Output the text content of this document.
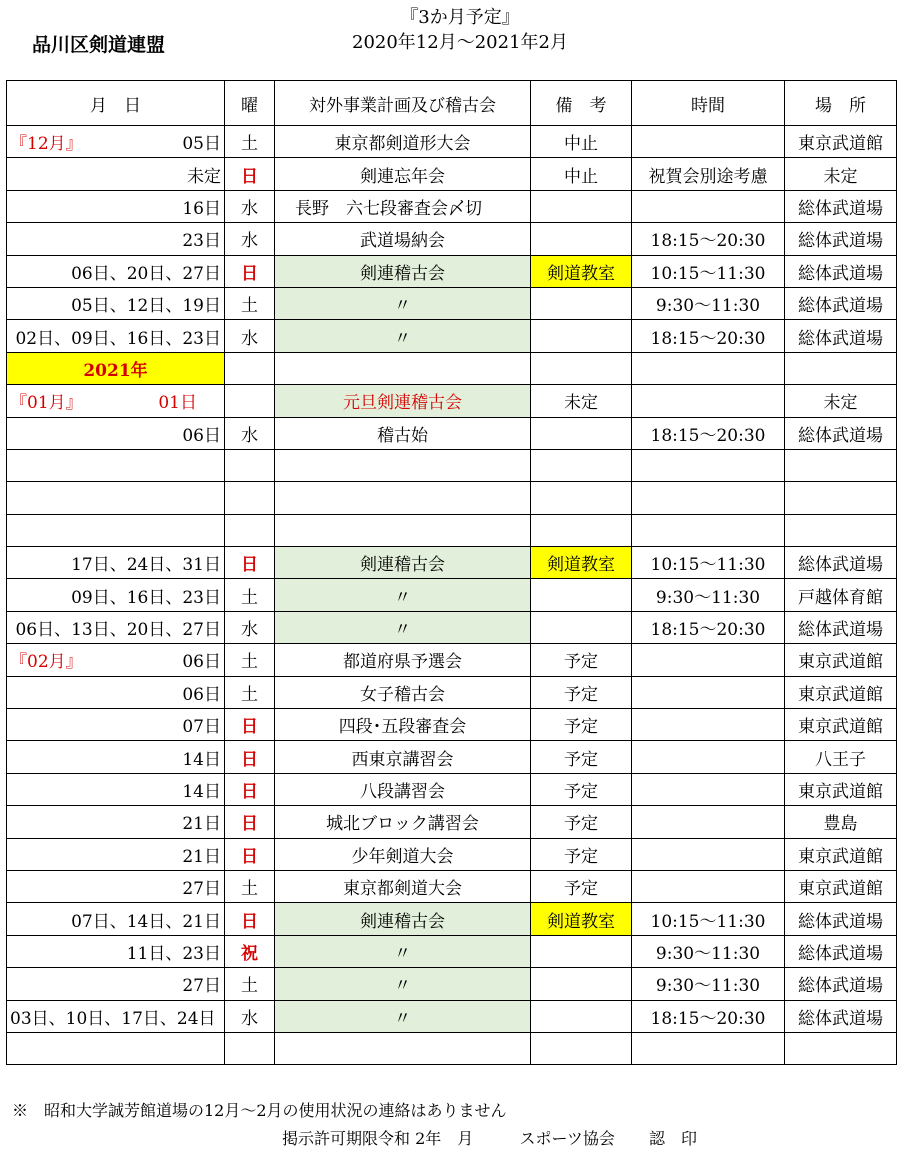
品川区剣道連盟
『3か月予定』
2020年12月～2021年2月
月　日	曜	対外事業計画及び稽古会	備　考	時間	場　所

『12月』 05日	土	東京都剣道形大会	中止		東京武道館
未定	日	剣連忘年会	中止	祝賀会別途考慮	未定
16日	水	長野　六七段審査会〆切			総体武道場
23日	水	武道場納会		18:15～20:30	総体武道場
06日、20日、27日	日	剣連稽古会	剣道教室	10:15～11:30	総体武道場
05日、12日、19日	土	〃		9:30～11:30	総体武道場
02日、09日、16日、23日	水	〃		18:15～20:30	総体武道場
2021年					

『01月』 01日		元旦剣連稽古会	未定		未定
06日	水	稽古始		18:15～20:30	総体武道場

17日、24日、31日	日	剣連稽古会	剣道教室	10:15～11:30	総体武道場
09日、16日、23日	土	〃		9:30～11:30	戸越体育館
06日、13日、20日、27日	水	〃		18:15～20:30	総体武道場

『02月』 06日	土	都道府県予選会	予定		東京武道館
06日	土	女子稽古会	予定		東京武道館
07日	日	四段･五段審査会	予定		東京武道館
14日	日	西東京講習会	予定		八王子
14日	日	八段講習会	予定		東京武道館
21日	日	城北ブロック講習会	予定		豊島
21日	日	少年剣道大会	予定		東京武道館
27日	土	東京都剣道大会	予定		東京武道館
07日、14日、21日	日	剣連稽古会	剣道教室	10:15～11:30	総体武道場
11日、23日	祝	〃		9:30～11:30	総体武道場
27日	土	〃		9:30～11:30	総体武道場
03日、10日、17日、24日	水	〃		18:15～20:30	総体武道場

※　昭和大学誠芳館道場の12月～2月の使用状況の連絡はありません
掲示許可期限令和 2年　月	スポーツ協会 認　印
